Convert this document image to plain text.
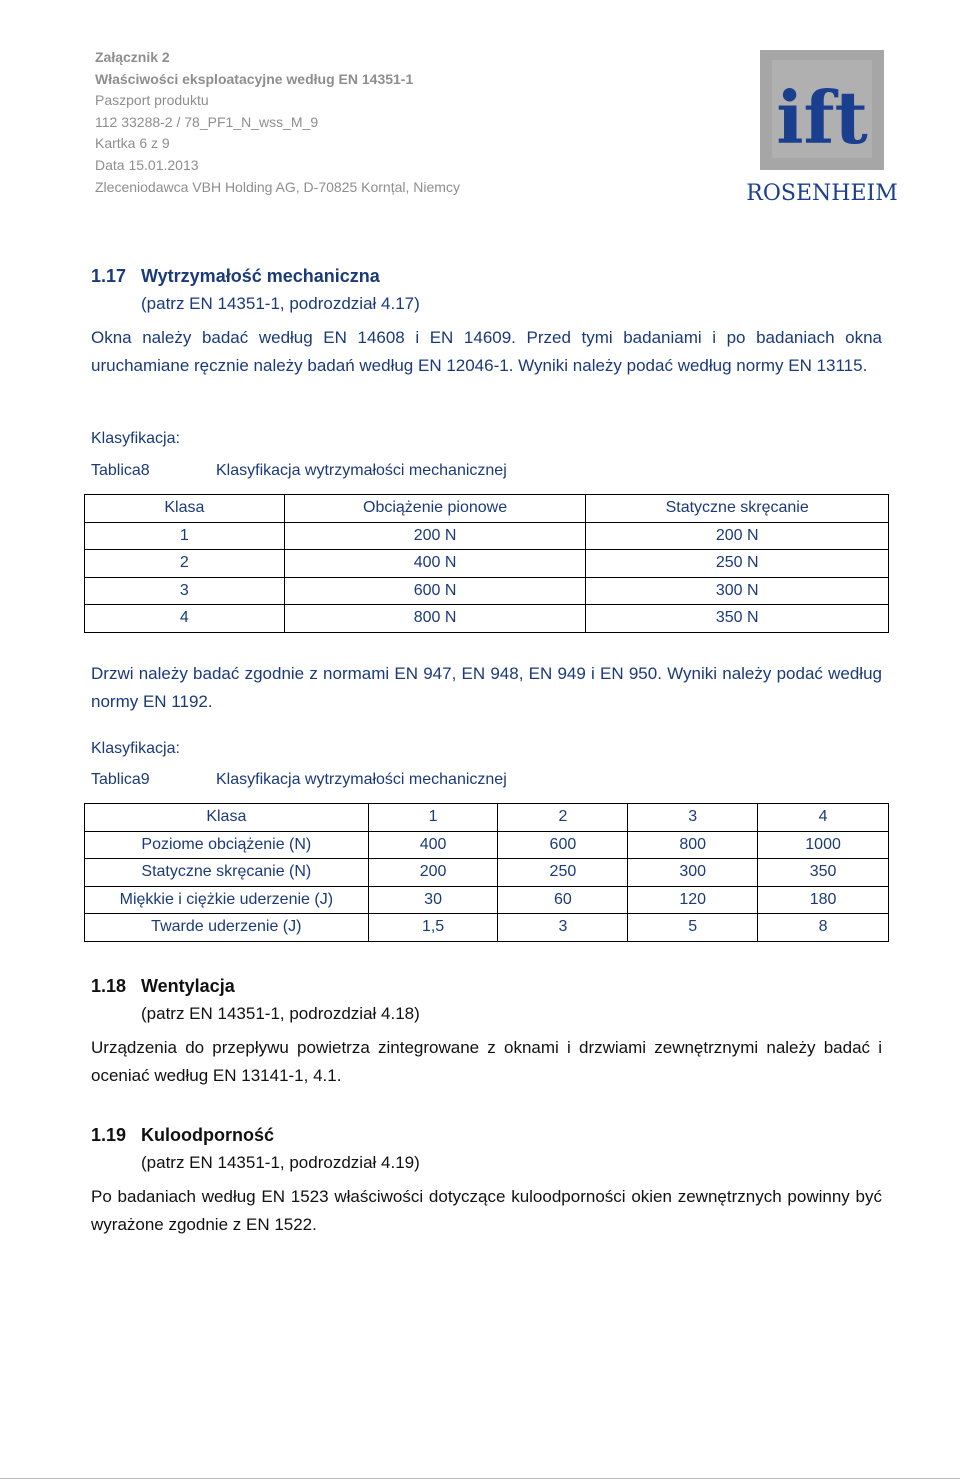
Załącznik 2
Właściwości eksploatacyjne według EN 14351-1
Paszport produktu
112 33288-2 / 78_PF1_N_wss_M_9
Kartka 6 z 9
Data 15.01.2013
Zleceniodawca VBH Holding AG, D-70825 Kornțal, Niemcy
ift
ROSENHEIM
1.17 Wytrzymałość mechaniczna
(patrz EN 14351-1, podrozdział 4.17)
Okna należy badać według EN 14608 i EN 14609. Przed tymi badaniami i po badaniach okna uruchamiane ręcznie należy badań według EN 12046-1. Wyniki należy podać według normy EN 13115.
Klasyfikacja:
Tablica8	Klasyfikacja wytrzymałości mechanicznej
Klasa	Obciążenie pionowe	Statyczne skręcanie
1	200 N	200 N
2	400 N	250 N
3	600 N	300 N
4	800 N	350 N
Drzwi należy badać zgodnie z normami EN 947, EN 948, EN 949 i EN 950. Wyniki należy podać według normy EN 1192.
Klasyfikacja:
Tablica9	Klasyfikacja wytrzymałości mechanicznej
Klasa	1	2	3	4
Poziome obciążenie (N)	400	600	800	1000
Statyczne skręcanie (N)	200	250	300	350
Miękkie i ciężkie uderzenie (J)	30	60	120	180
Twarde uderzenie (J)	1,5	3	5	8
1.18 Wentylacja
(patrz EN 14351-1, podrozdział 4.18)
Urządzenia do przepływu powietrza zintegrowane z oknami i drzwiami zewnętrznymi należy badać i oceniać według EN 13141-1, 4.1.
1.19 Kuloodporność
(patrz EN 14351-1, podrozdział 4.19)
Po badaniach według EN 1523 właściwości dotyczące kuloodporności okien zewnętrznych powinny być wyrażone zgodnie z EN 1522.
